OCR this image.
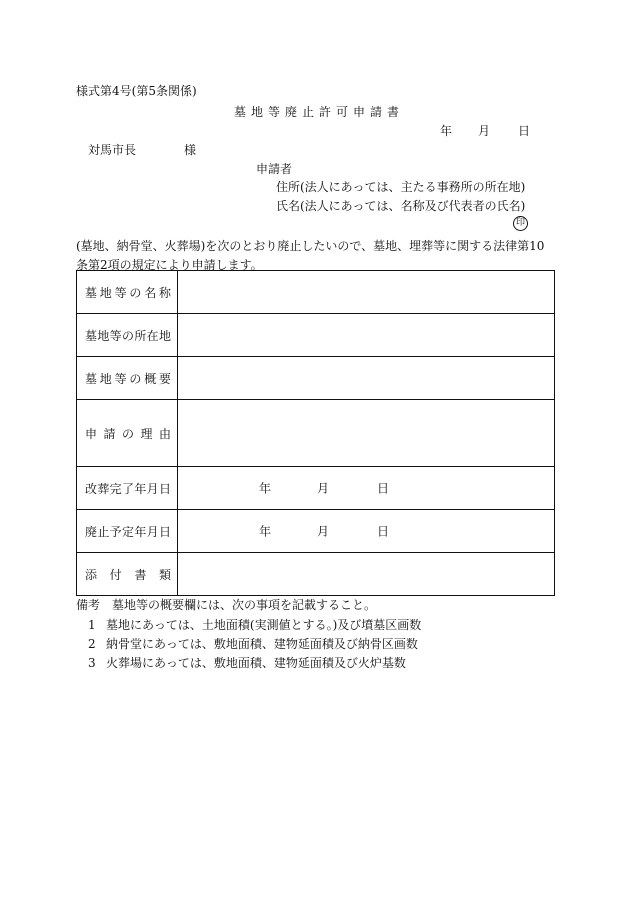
様式第4号(第5条関係)
墓地等廃止許可申請書
年 月 日
対馬市長	様
申請者
住所(法人にあっては、主たる事務所の所在地)
氏名(法人にあっては、名称及び代表者の氏名)
印
(墓地、納骨堂、火葬場)を次のとおり廃止したいので、墓地、埋葬等に関する法律第10条第2項の規定により申請します。
墓地等の名称	
墓地等の所在地	
墓地等の概要	
申請の理由	
改葬完了年月日	年 月 日

廃止予定年月日	年 月 日

添付書類	
備考 墓地等の概要欄には、次の事項を記載すること。
1 墓地にあっては、土地面積(実測値とする。)及び墳墓区画数
2 納骨堂にあっては、敷地面積、建物延面積及び納骨区画数
3 火葬場にあっては、敷地面積、建物延面積及び火炉基数
